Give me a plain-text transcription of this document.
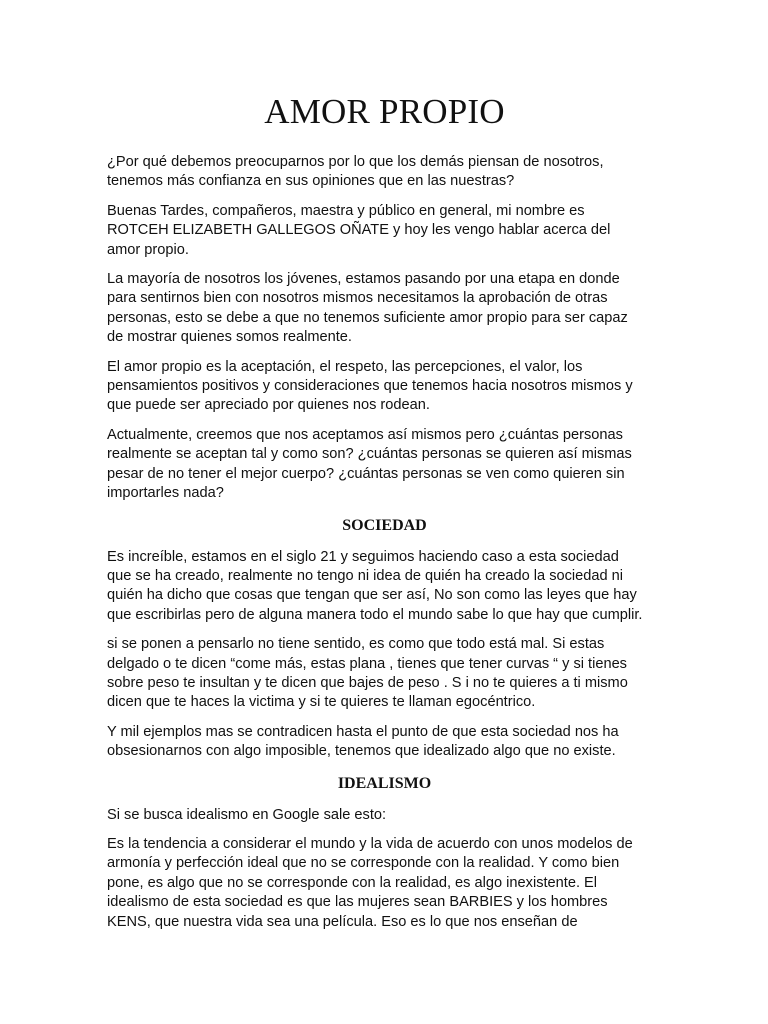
AMOR PROPIO
¿Por qué debemos preocuparnos por lo que los demás piensan de nosotros,
tenemos más confianza en sus opiniones que en las nuestras?
Buenas Tardes, compañeros, maestra y público en general, mi nombre es
ROTCEH ELIZABETH GALLEGOS OÑATE y hoy les vengo hablar acerca del
amor propio.
La mayoría de nosotros los jóvenes, estamos pasando por una etapa en donde
para sentirnos bien con nosotros mismos necesitamos la aprobación de otras
personas, esto se debe a que no tenemos suficiente amor propio para ser capaz
de mostrar quienes somos realmente.
El amor propio es la aceptación, el respeto, las percepciones, el valor, los
pensamientos positivos y consideraciones que tenemos hacia nosotros mismos y
que puede ser apreciado por quienes nos rodean.
Actualmente, creemos que nos aceptamos así mismos pero ¿cuántas personas
realmente se aceptan tal y como son? ¿cuántas personas se quieren así mismas
pesar de no tener el mejor cuerpo? ¿cuántas personas se ven como quieren sin
importarles nada?
SOCIEDAD
Es increíble, estamos en el siglo 21 y seguimos haciendo caso a esta sociedad
que se ha creado, realmente no tengo ni idea de quién ha creado la sociedad ni
quién ha dicho que cosas que tengan que ser así, No son como las leyes que hay
que escribirlas pero de alguna manera todo el mundo sabe lo que hay que cumplir.
si se ponen a pensarlo no tiene sentido, es como que todo está mal. Si estas
delgado o te dicen “come más, estas plana , tienes que tener curvas “ y si tienes
sobre peso te insultan y te dicen que bajes de peso . S i no te quieres a ti mismo
dicen que te haces la victima y si te quieres te llaman egocéntrico.
Y mil ejemplos mas se contradicen hasta el punto de que esta sociedad nos ha
obsesionarnos con algo imposible, tenemos que idealizado algo que no existe.
IDEALISMO
Si se busca idealismo en Google sale esto:
Es la tendencia a considerar el mundo y la vida de acuerdo con unos modelos de
armonía y perfección ideal que no se corresponde con la realidad. Y como bien
pone, es algo que no se corresponde con la realidad, es algo inexistente. El
idealismo de esta sociedad es que las mujeres sean BARBIES y los hombres
KENS, que nuestra vida sea una película. Eso es lo que nos enseñan de
